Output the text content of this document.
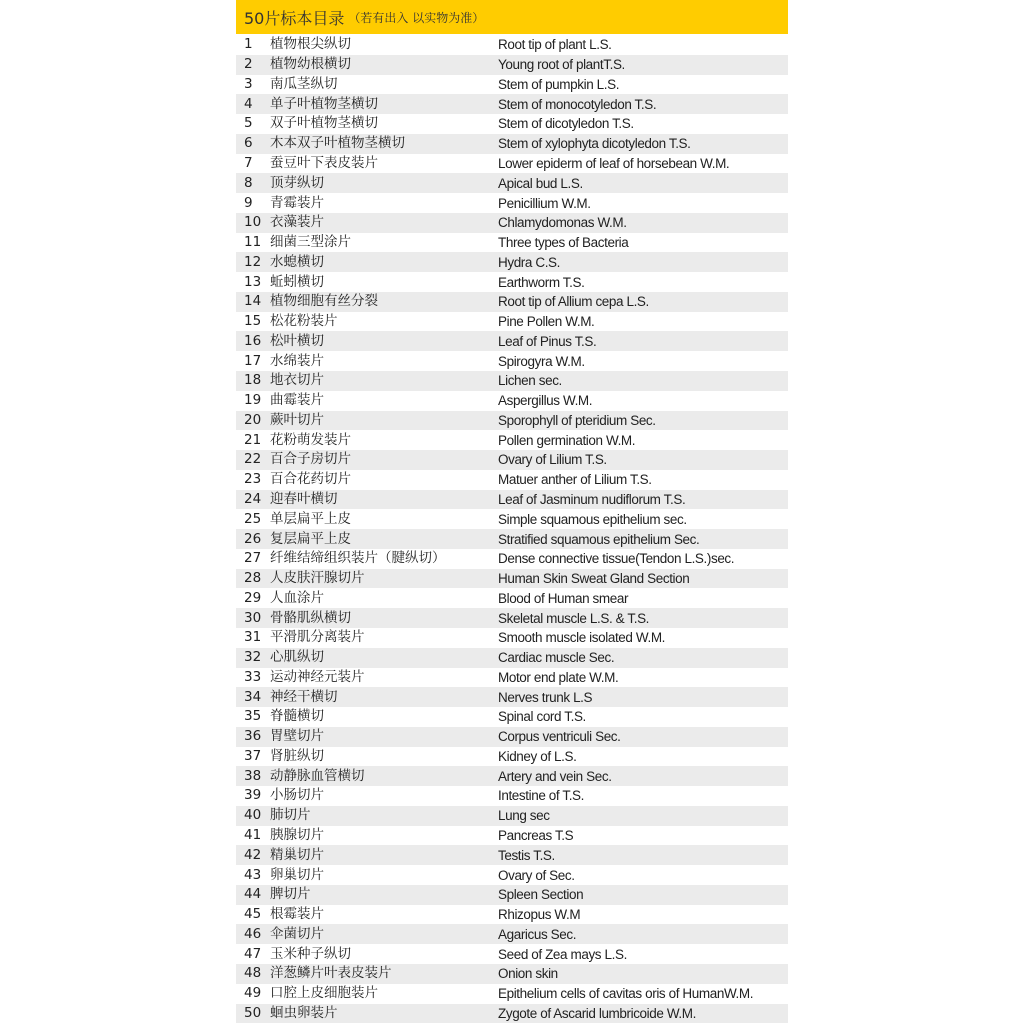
50片标本目录 （若有出入 以实物为准）
1	植物根尖纵切	Root tip of plant L.S.
2	植物幼根横切	Young root of plantT.S.
3	南瓜茎纵切	Stem of pumpkin L.S.
4	单子叶植物茎横切	Stem of monocotyledon T.S.
5	双子叶植物茎横切	Stem of dicotyledon T.S.
6	木本双子叶植物茎横切	Stem of xylophyta dicotyledon T.S.
7	蚕豆叶下表皮装片	Lower epiderm of leaf of horsebean W.M.
8	顶芽纵切	Apical bud L.S.
9	青霉装片	Penicillium W.M.
10 衣藻装片	Chlamydomonas W.M.
11 细菌三型涂片	Three types of Bacteria
12 水螅横切	Hydra C.S.
13 蚯蚓横切	Earthworm T.S.
14 植物细胞有丝分裂	Root tip of Allium cepa L.S.
15 松花粉装片	Pine Pollen W.M.
16 松叶横切	Leaf of Pinus T.S.
17 水绵装片	Spirogyra W.M.
18 地衣切片	Lichen sec.
19 曲霉装片	Aspergillus W.M.
20 蕨叶切片	Sporophyll of pteridium Sec.
21 花粉萌发装片	Pollen germination W.M.
22 百合子房切片	Ovary of Lilium T.S.
23 百合花药切片	Matuer anther of Lilium T.S.
24 迎春叶横切	Leaf of Jasminum nudiflorum T.S.
25 单层扁平上皮	Simple squamous epithelium sec.
26 复层扁平上皮	Stratified squamous epithelium Sec.
27 纤维结缔组织装片（腱纵切）	Dense connective tissue(Tendon L.S.)sec.
28 人皮肤汗腺切片	Human Skin Sweat Gland Section
29 人血涂片	Blood of Human smear
30 骨骼肌纵横切	Skeletal muscle L.S. & T.S.
31 平滑肌分离装片	Smooth muscle isolated W.M.
32 心肌纵切	Cardiac muscle Sec.
33 运动神经元装片	Motor end plate W.M.
34 神经干横切	Nerves trunk L.S
35 脊髓横切	Spinal cord T.S.
36 胃壁切片	Corpus ventriculi Sec.
37 肾脏纵切	Kidney of L.S.
38 动静脉血管横切	Artery and vein Sec.
39 小肠切片	Intestine of T.S.
40 肺切片	Lung sec
41 胰腺切片	Pancreas T.S
42 精巢切片	Testis T.S.
43 卵巢切片	Ovary of Sec.
44 脾切片	Spleen Section
45 根霉装片	Rhizopus W.M
46 伞菌切片	Agaricus Sec.
47 玉米种子纵切	Seed of Zea mays L.S.
48 洋葱鳞片叶表皮装片	Onion skin
49 口腔上皮细胞装片	Epithelium cells of cavitas oris of HumanW.M.
50 蛔虫卵装片	Zygote of Ascarid lumbricoide W.M.
